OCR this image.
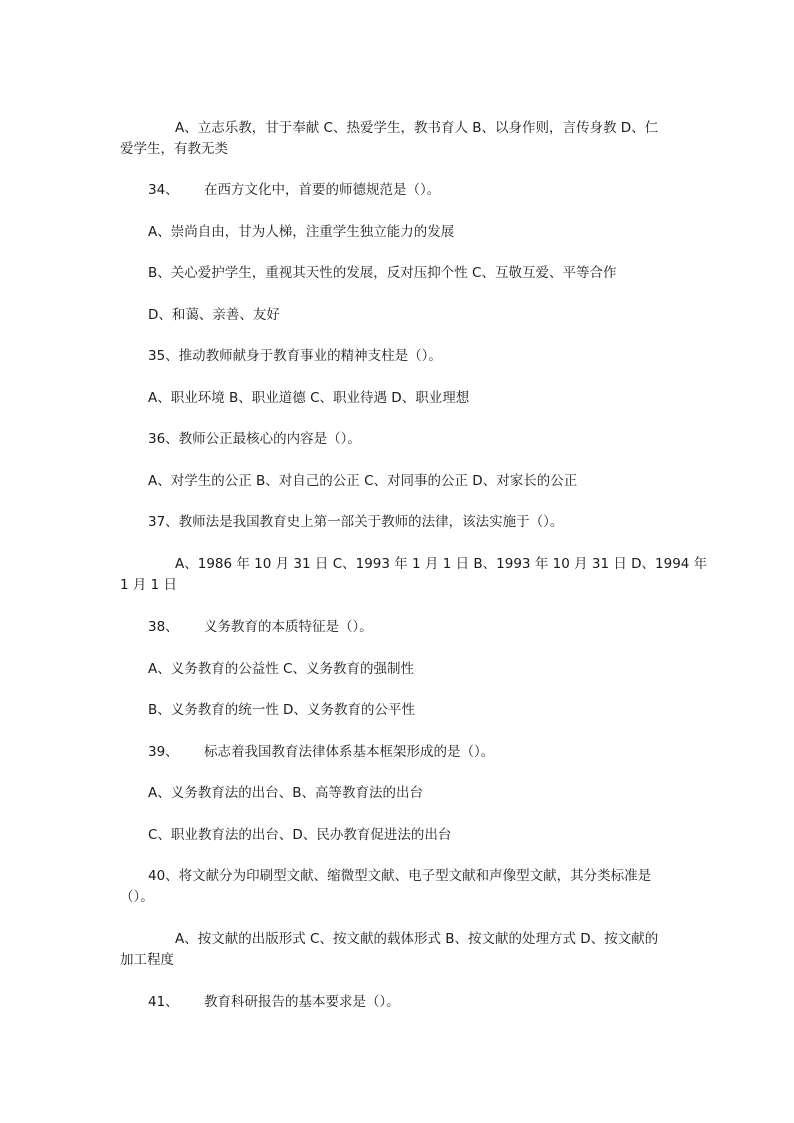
A、立志乐教，甘于奉献 C、热爱学生，教书育人 B、以身作则，言传身教 D、仁
爱学生，有教无类
34、 在西方文化中，首要的师德规范是（）。
A、崇尚自由，甘为人梯，注重学生独立能力的发展
B、关心爱护学生，重视其天性的发展，反对压抑个性 C、互敬互爱、平等合作
D、和蔼、亲善、友好
35、推动教师献身于教育事业的精神支柱是（）。
A、职业环境 B、职业道德 C、职业待遇 D、职业理想
36、教师公正最核心的内容是（）。
A、对学生的公正 B、对自己的公正 C、对同事的公正 D、对家长的公正
37、教师法是我国教育史上第一部关于教师的法律，该法实施于（）。
A、1986 年 10 月 31 日 C、1993 年 1 月 1 日 B、1993 年 10 月 31 日 D、1994 年
1 月 1 日
38、 义务教育的本质特征是（）。
A、义务教育的公益性 C、义务教育的强制性
B、义务教育的统一性 D、义务教育的公平性
39、 标志着我国教育法律体系基本框架形成的是（）。
A、义务教育法的出台、B、高等教育法的出台
C、职业教育法的出台、D、民办教育促进法的出台
40、将文献分为印刷型文献、缩微型文献、电子型文献和声像型文献，其分类标准是
（）。
A、按文献的出版形式 C、按文献的载体形式 B、按文献的处理方式 D、按文献的
加工程度
41、 教育科研报告的基本要求是（）。
